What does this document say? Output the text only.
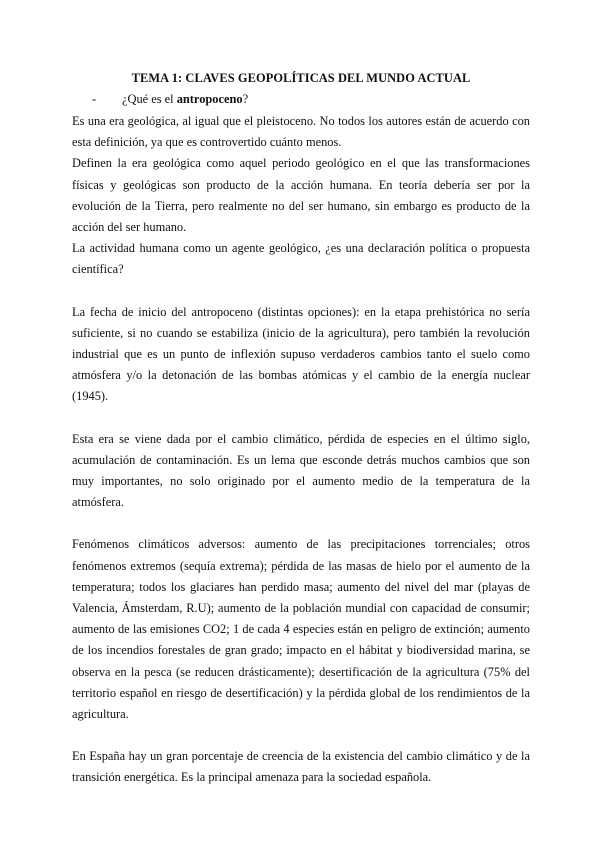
TEMA 1: CLAVES GEOPOLÍTICAS DEL MUNDO ACTUAL
- ¿Qué es el antropoceno?

Es una era geológica, al igual que el pleistoceno. No todos los autores están de acuerdo con esta definición, ya que es controvertido cuánto menos.

Definen la era geológica como aquel periodo geológico en el que las transformaciones físicas y geológicas son producto de la acción humana. En teoría debería ser por la evolución de la Tierra, pero realmente no del ser humano, sin embargo es producto de la acción del ser humano.

La actividad humana como un agente geológico, ¿es una declaración política o propuesta científica?

La fecha de inicio del antropoceno (distintas opciones): en la etapa prehistórica no sería suficiente, si no cuando se estabiliza (inicio de la agricultura), pero también la revolución industrial que es un punto de inflexión supuso verdaderos cambios tanto el suelo como atmósfera y/o la detonación de las bombas atómicas y el cambio de la energía nuclear (1945).

Esta era se viene dada por el cambio climático, pérdida de especies en el último siglo, acumulación de contaminación. Es un lema que esconde detrás muchos cambios que son muy importantes, no solo originado por el aumento medio de la temperatura de la atmósfera.

Fenómenos climáticos adversos: aumento de las precipitaciones torrenciales; otros fenómenos extremos (sequía extrema); pérdida de las masas de hielo por el aumento de la temperatura; todos los glaciares han perdido masa; aumento del nivel del mar (playas de Valencia, Ámsterdam, R.U); aumento de la población mundial con capacidad de consumir; aumento de las emisiones CO2; 1 de cada 4 especies están en peligro de extinción; aumento de los incendios forestales de gran grado; impacto en el hábitat y biodiversidad marina, se observa en la pesca (se reducen drásticamente); desertificación de la agricultura (75% del territorio español en riesgo de desertificación) y la pérdida global de los rendimientos de la agricultura.

En España hay un gran porcentaje de creencia de la existencia del cambio climático y de la transición energética. Es la principal amenaza para la sociedad española.
